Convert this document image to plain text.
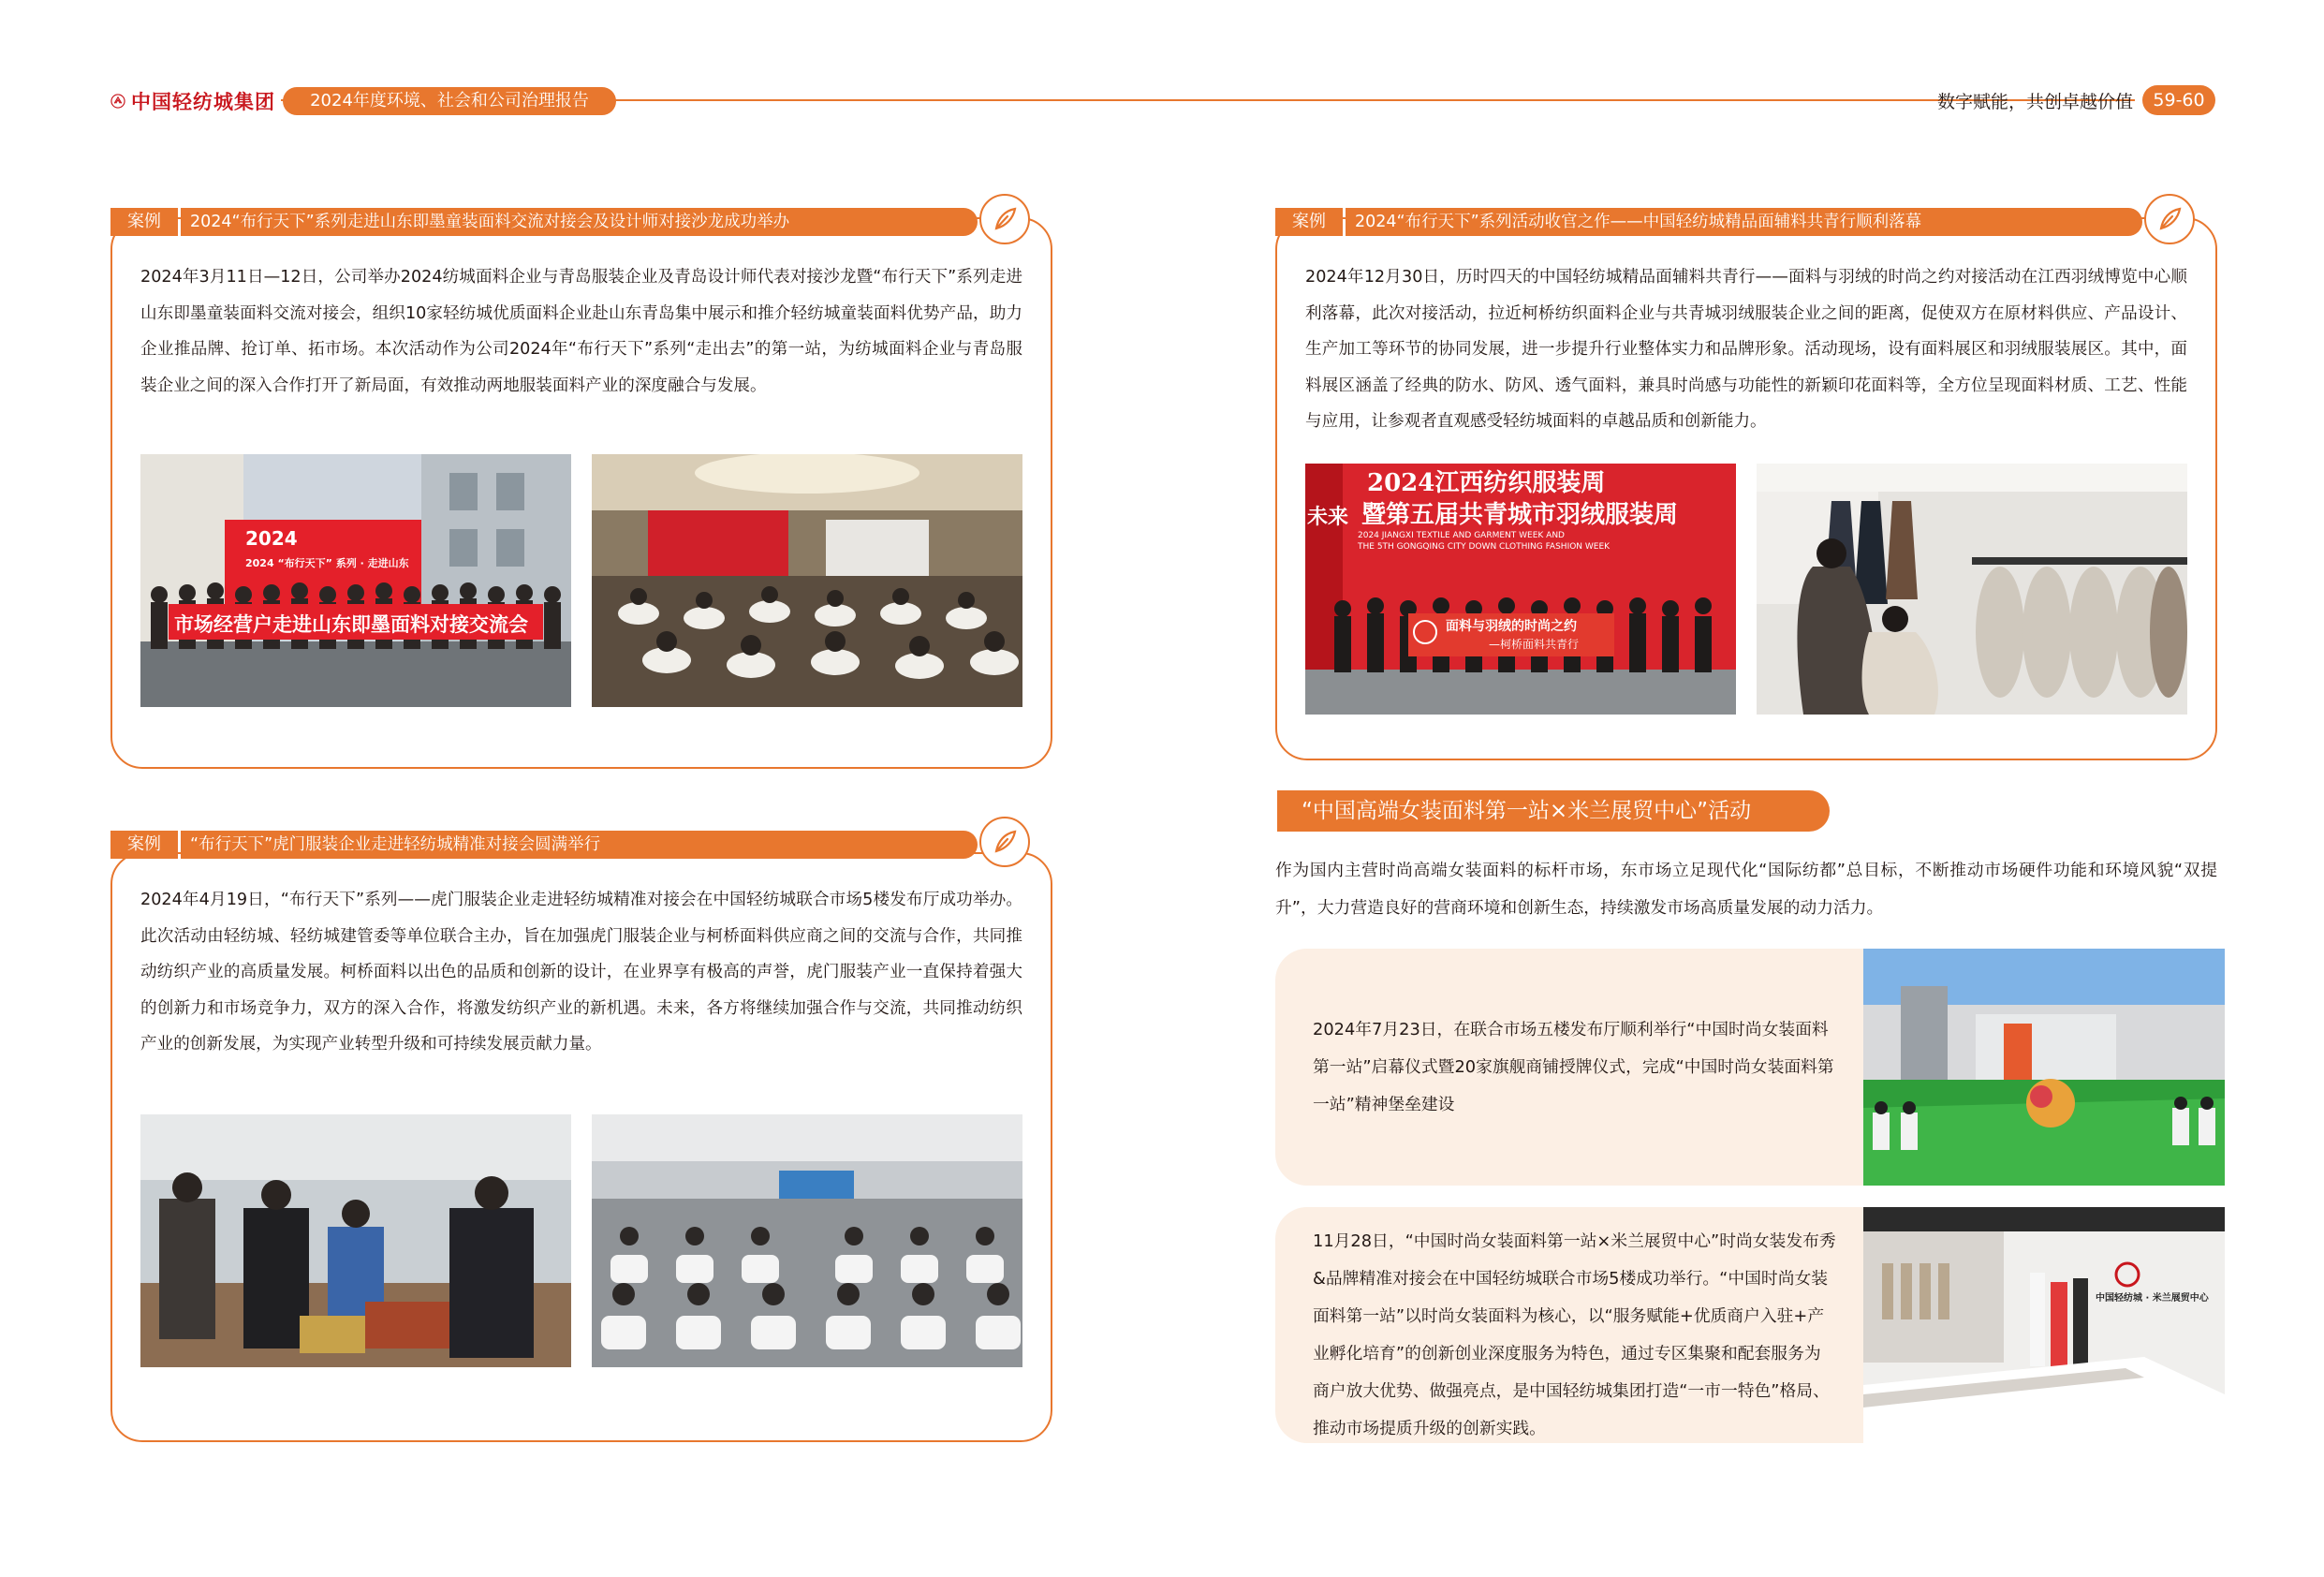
中国轻纺城集团	2024年度环境、社会和公司治理报告	数字赋能，共创卓越价值	59-60
案例	2024“布行天下”系列走进山东即墨童装面料交流对接会及设计师对接沙龙成功举办
2024年3月11日—12日，公司举办2024纺城面料企业与青岛服装企业及青岛设计师代表对接沙龙暨“布行天下”系列走进山东即墨童装面料交流对接会，组织10家轻纺城优质面料企业赴山东青岛集中展示和推介轻纺城童装面料优势产品，助力企业推品牌、抢订单、拓市场。本次活动作为公司2024年“布行天下”系列“走出去”的第一站，为纺城面料企业与青岛服装企业之间的深入合作打开了新局面，有效推动两地服装面料产业的深度融合与发展。
2024
2024 “布行天下” 系列 · 走进山东
市场经营户走进山东即墨面料对接交流会
案例	“布行天下”虎门服装企业走进轻纺城精准对接会圆满举行
2024年4月19日，“布行天下”系列——虎门服装企业走进轻纺城精准对接会在中国轻纺城联合市场5楼发布厅成功举办。此次活动由轻纺城、轻纺城建管委等单位联合主办，旨在加强虎门服装企业与柯桥面料供应商之间的交流与合作，共同推动纺织产业的高质量发展。柯桥面料以出色的品质和创新的设计，在业界享有极高的声誉，虎门服装产业一直保持着强大的创新力和市场竞争力，双方的深入合作，将激发纺织产业的新机遇。未来，各方将继续加强合作与交流，共同推动纺织产业的创新发展，为实现产业转型升级和可持续发展贡献力量。
案例	2024“布行天下”系列活动收官之作——中国轻纺城精品面辅料共青行顺利落幕
2024年12月30日，历时四天的中国轻纺城精品面辅料共青行——面料与羽绒的时尚之约对接活动在江西羽绒博览中心顺利落幕，此次对接活动，拉近柯桥纺织面料企业与共青城羽绒服装企业之间的距离，促使双方在原材料供应、产品设计、生产加工等环节的协同发展，进一步提升行业整体实力和品牌形象。活动现场，设有面料展区和羽绒服装展区。其中，面料展区涵盖了经典的防水、防风、透气面料，兼具时尚感与功能性的新颖印花面料等，全方位呈现面料材质、工艺、性能与应用，让参观者直观感受轻纺城面料的卓越品质和创新能力。
2024江西纺织服装周
暨第五届共青城市羽绒服装周
2024 JIANGXI TEXTILE AND GARMENT WEEK AND
THE 5TH GONGQING CITY DOWN CLOTHING FASHION WEEK
未来
面料与羽绒的时尚之约
—柯桥面料共青行
“中国高端女装面料第一站×米兰展贸中心”活动
作为国内主营时尚高端女装面料的标杆市场，东市场立足现代化“国际纺都”总目标，不断推动市场硬件功能和环境风貌“双提升”，大力营造良好的营商环境和创新生态，持续激发市场高质量发展的动力活力。
2024年7月23日，在联合市场五楼发布厅顺利举行“中国时尚女装面料第一站”启幕仪式暨20家旗舰商铺授牌仪式，完成“中国时尚女装面料第一站”精神堡垒建设
11月28日，“中国时尚女装面料第一站×米兰展贸中心”时尚女装发布秀&品牌精准对接会在中国轻纺城联合市场5楼成功举行。“中国时尚女装面料第一站”以时尚女装面料为核心，以“服务赋能+优质商户入驻+产业孵化培育”的创新创业深度服务为特色，通过专区集聚和配套服务为商户放大优势、做强亮点，是中国轻纺城集团打造“一市一特色”格局、推动市场提质升级的创新实践。
中国轻纺城 · 米兰展贸中心
